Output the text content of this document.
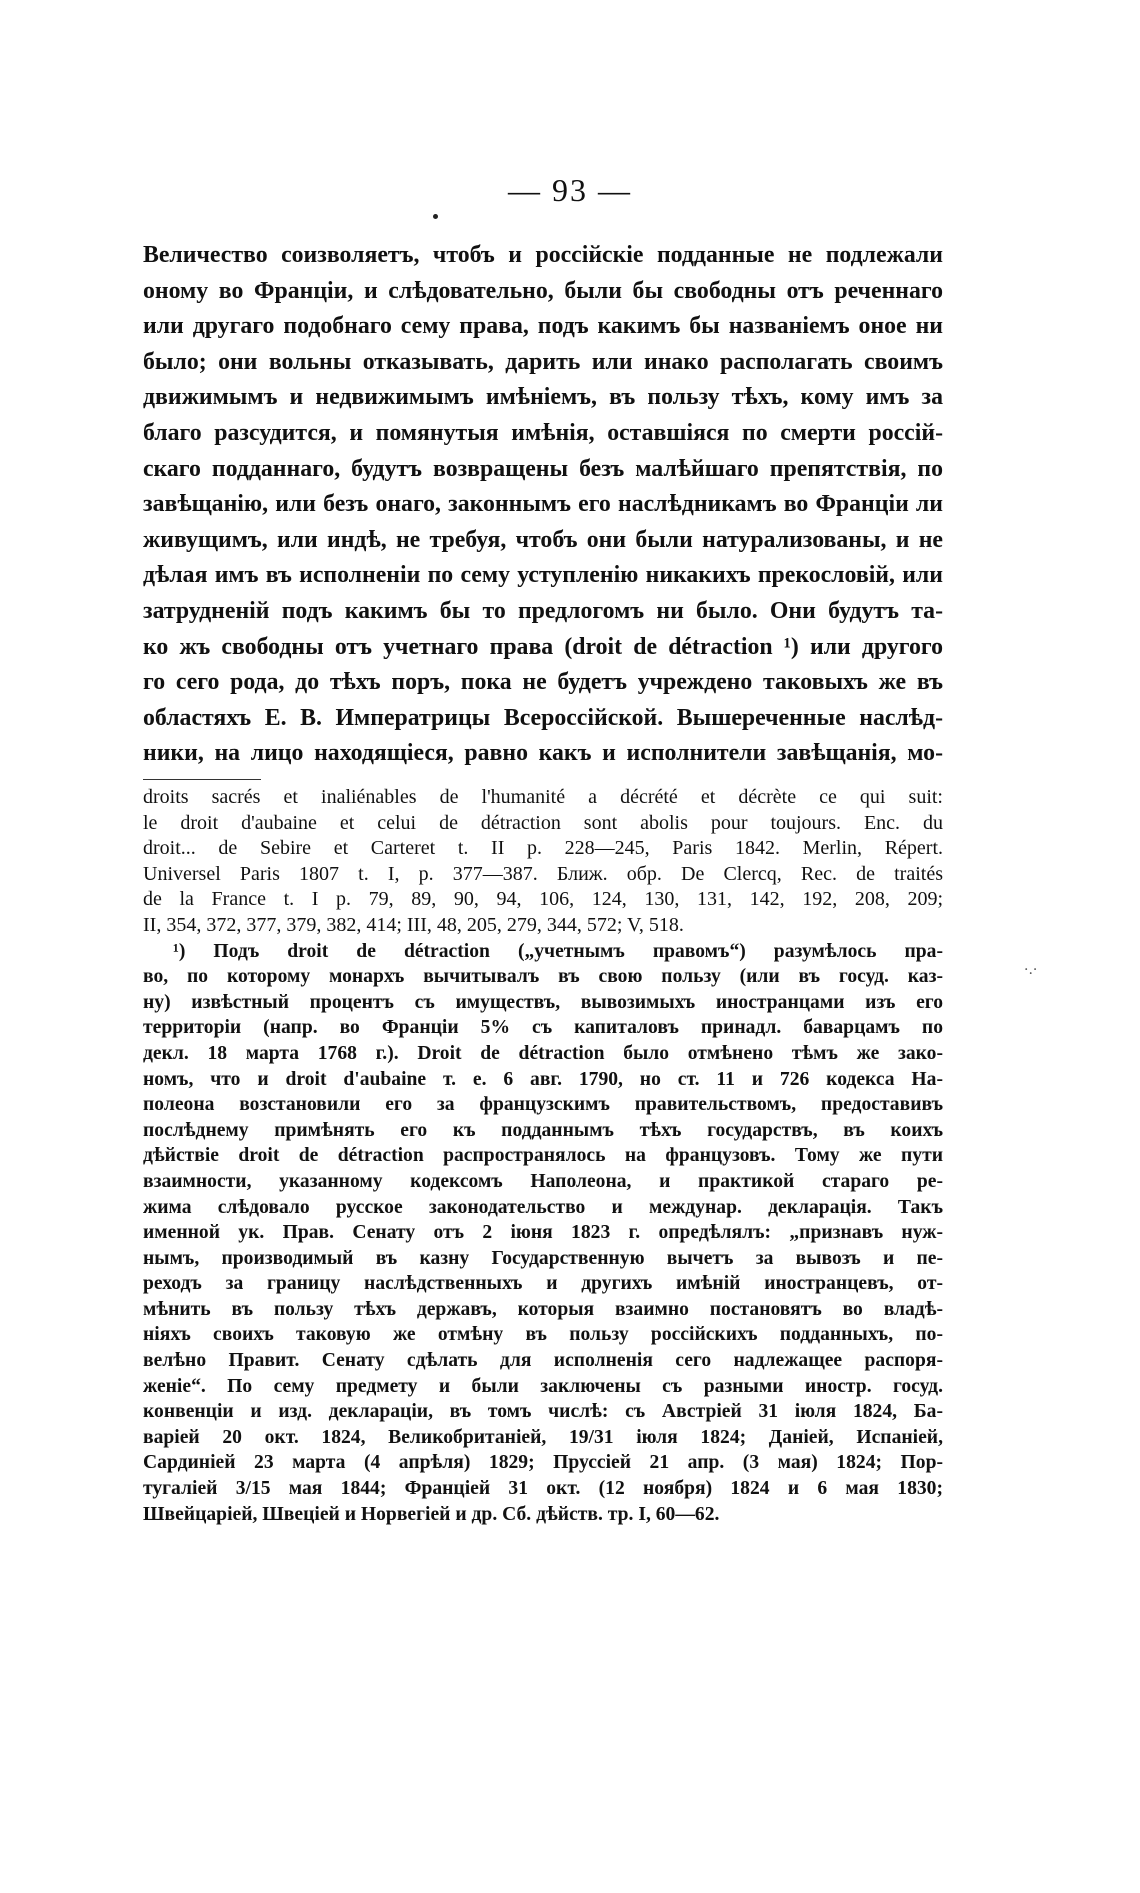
— 93 —
Величество соизволяетъ, чтобъ и россійскіе подданные не подлежали
оному во Франціи, и слѣдовательно, были бы свободны отъ реченнаго
или другаго подобнаго сему права, подъ какимъ бы названіемъ оное ни
было; они вольны отказывать, дарить или инако располагать своимъ
движимымъ и недвижимымъ имѣніемъ, въ пользу тѣхъ, кому имъ за
благо разсудится, и помянутыя имѣнія, оставшіяся по смерти россій-
скаго подданнаго, будутъ возвращены безъ малѣйшаго препятствія, по
завѣщанію, или безъ онаго, законнымъ его наслѣдникамъ во Франціи ли
живущимъ, или индѣ, не требуя, чтобъ они были натурализованы, и не
дѣлая имъ въ исполненіи по сему уступленію никакихъ прекословій, или
затрудненій подъ какимъ бы то предлогомъ ни было. Они будутъ та-
ко жъ свободны отъ учетнаго права (droit de détraction ¹) или другого
го сего рода, до тѣхъ поръ, пока не будетъ учреждено таковыхъ же въ
областяхъ Е. В. Императрицы Всероссійской. Вышереченные наслѣд-
ники, на лицо находящіеся, равно какъ и исполнители завѣщанія, мо-
droits sacrés et inaliénables de l'humanité a décrété et décrète ce qui suit:
le droit d'aubaine et celui de détraction sont abolis pour toujours. Enc. du
droit... de Sebire et Carteret t. II p. 228—245, Paris 1842. Merlin, Répert.
Universel Paris 1807 t. I, p. 377—387. Ближ. обр. De Clercq, Rec. de traités
de la France t. I p. 79, 89, 90, 94, 106, 124, 130, 131, 142, 192, 208, 209;
II, 354, 372, 377, 379, 382, 414; III, 48, 205, 279, 344, 572; V, 518.
¹) Подъ droit de détraction („учетнымъ правомъ“) разумѣлось пра-
во, по которому монархъ вычитывалъ въ свою пользу (или въ госуд. каз-
ну) извѣстный процентъ съ имуществъ, вывозимыхъ иностранцами изъ его
территоріи (напр. во Франціи 5% съ капиталовъ принадл. баварцамъ по
декл. 18 марта 1768 г.). Droit de détraction было отмѣнено тѣмъ же зако-
номъ, что и droit d'aubaine т. е. 6 авг. 1790, но ст. 11 и 726 кодекса На-
полеона возстановили его за французскимъ правительствомъ, предоставивъ
послѣднему примѣнять его къ подданнымъ тѣхъ государствъ, въ коихъ
дѣйствіе droit de détraction распространялось на французовъ. Тому же пути
взаимности, указанному кодексомъ Наполеона, и практикой стараго ре-
жима слѣдовало русское законодательство и междунар. декларація. Такъ
именной ук. Прав. Сенату отъ 2 іюня 1823 г. опредѣлялъ: „признавъ нуж-
нымъ, производимый въ казну Государственную вычетъ за вывозъ и пе-
реходъ за границу наслѣдственныхъ и другихъ имѣній иностранцевъ, от-
мѣнить въ пользу тѣхъ державъ, которыя взаимно постановятъ во владѣ-
ніяхъ своихъ таковую же отмѣну въ пользу россійскихъ подданныхъ, по-
велѣно Правит. Сенату сдѣлать для исполненія сего надлежащее распоря-
женіе“. По сему предмету и были заключены съ разными иностр. госуд.
конвенціи и изд. деклараціи, въ томъ числѣ: съ Австріей 31 іюля 1824, Ба-
варіей 20 окт. 1824, Великобританіей, 19/31 іюля 1824; Даніей, Испаніей,
Сардиніей 23 марта (4 апрѣля) 1829; Пруссіей 21 апр. (3 мая) 1824; Пор-
тугаліей 3/15 мая 1844; Франціей 31 окт. (12 ноября) 1824 и 6 мая 1830;
Швейцаріей, Швеціей и Норвегіей и др. Сб. дѣйств. тр. I, 60—62.
·.·
